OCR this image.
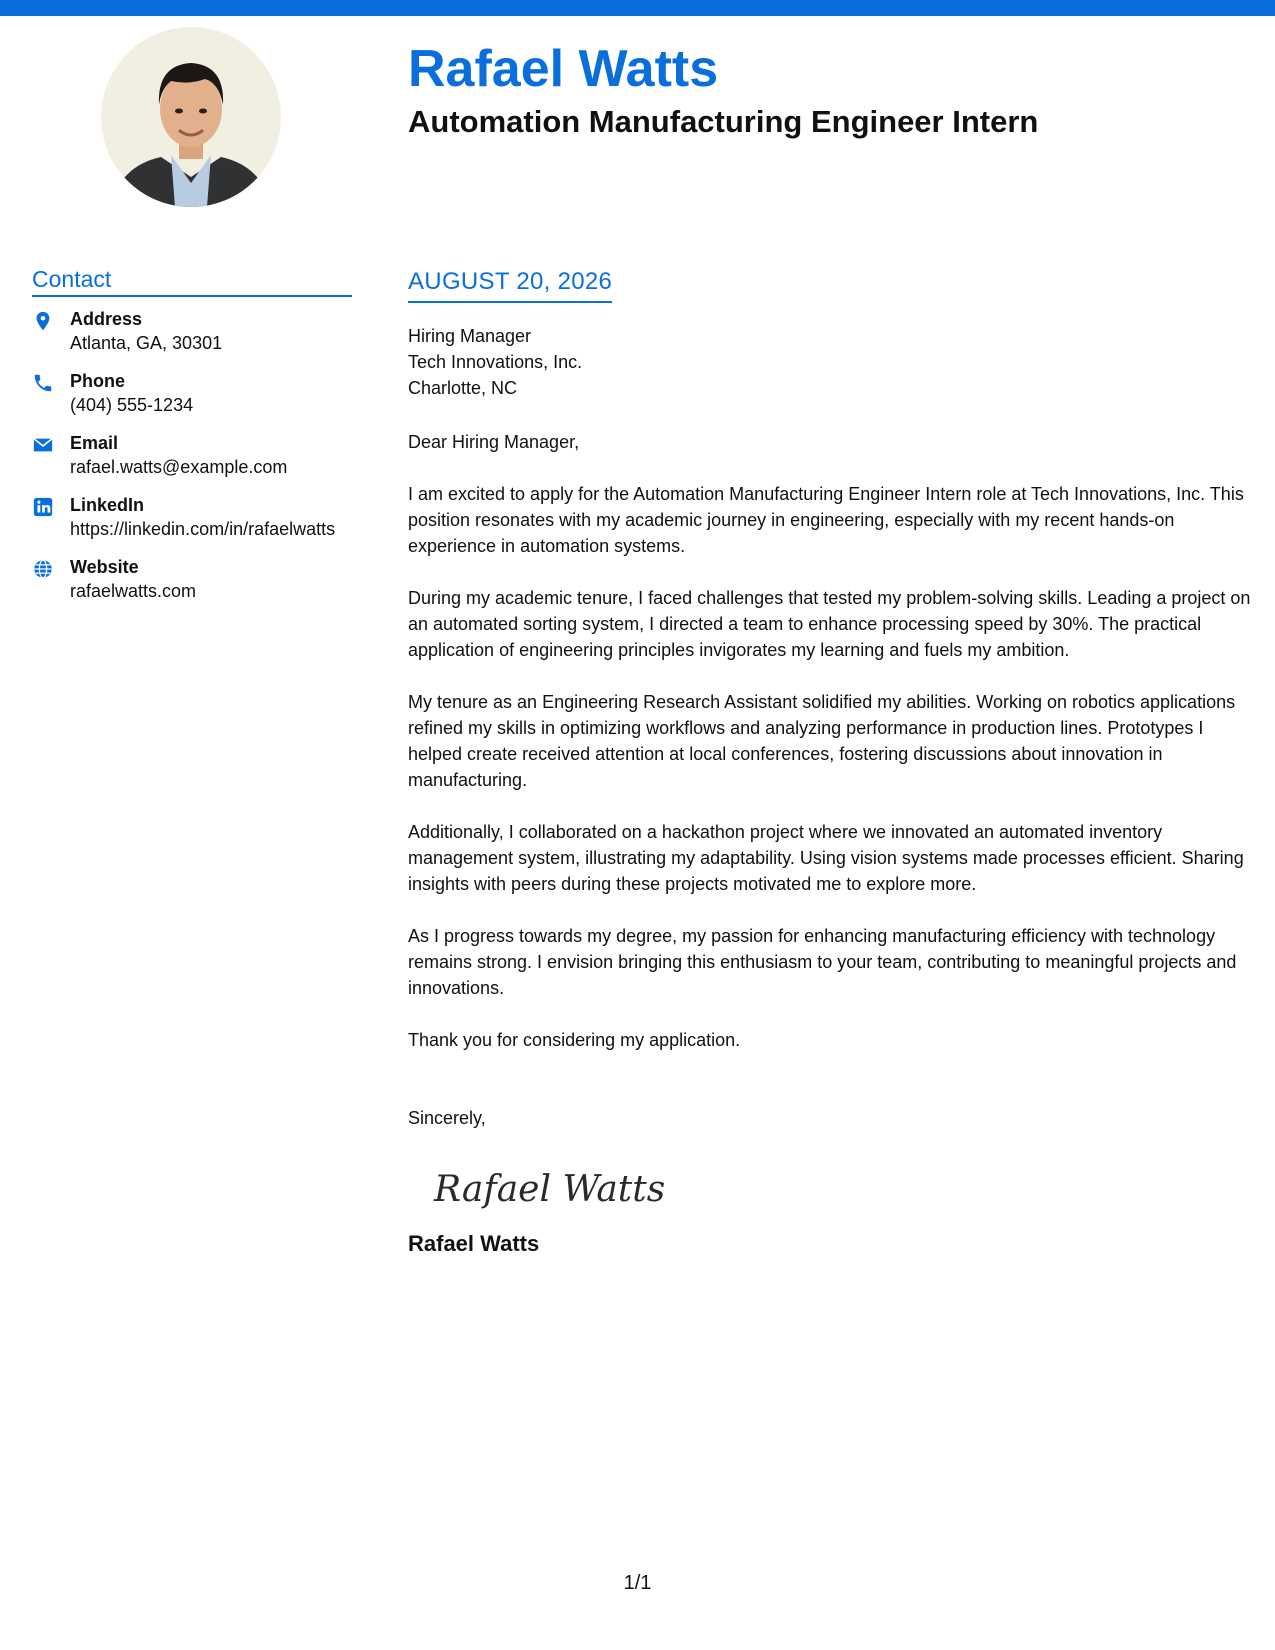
Rafael Watts
Automation Manufacturing Engineer Intern
Contact
Address
Atlanta, GA, 30301
Phone
(404) 555-1234
Email
rafael.watts@example.com
LinkedIn
https://linkedin.com/in/rafaelwatts
Website
rafaelwatts.com
AUGUST 20, 2026
Hiring Manager
Tech Innovations, Inc.
Charlotte, NC
Dear Hiring Manager,

I am excited to apply for the Automation Manufacturing Engineer Intern role at Tech Innovations, Inc. This position resonates with my academic journey in engineering, especially with my recent hands-on experience in automation systems.

During my academic tenure, I faced challenges that tested my problem-solving skills. Leading a project on an automated sorting system, I directed a team to enhance processing speed by 30%. The practical application of engineering principles invigorates my learning and fuels my ambition.

My tenure as an Engineering Research Assistant solidified my abilities. Working on robotics applications refined my skills in optimizing workflows and analyzing performance in production lines. Prototypes I helped create received attention at local conferences, fostering discussions about innovation in manufacturing.

Additionally, I collaborated on a hackathon project where we innovated an automated inventory management system, illustrating my adaptability. Using vision systems made processes efficient. Sharing insights with peers during these projects motivated me to explore more.

As I progress towards my degree, my passion for enhancing manufacturing efficiency with technology remains strong. I envision bringing this enthusiasm to your team, contributing to meaningful projects and innovations.

Thank you for considering my application.

Sincerely,
Rafael Watts
Rafael Watts
1/1
